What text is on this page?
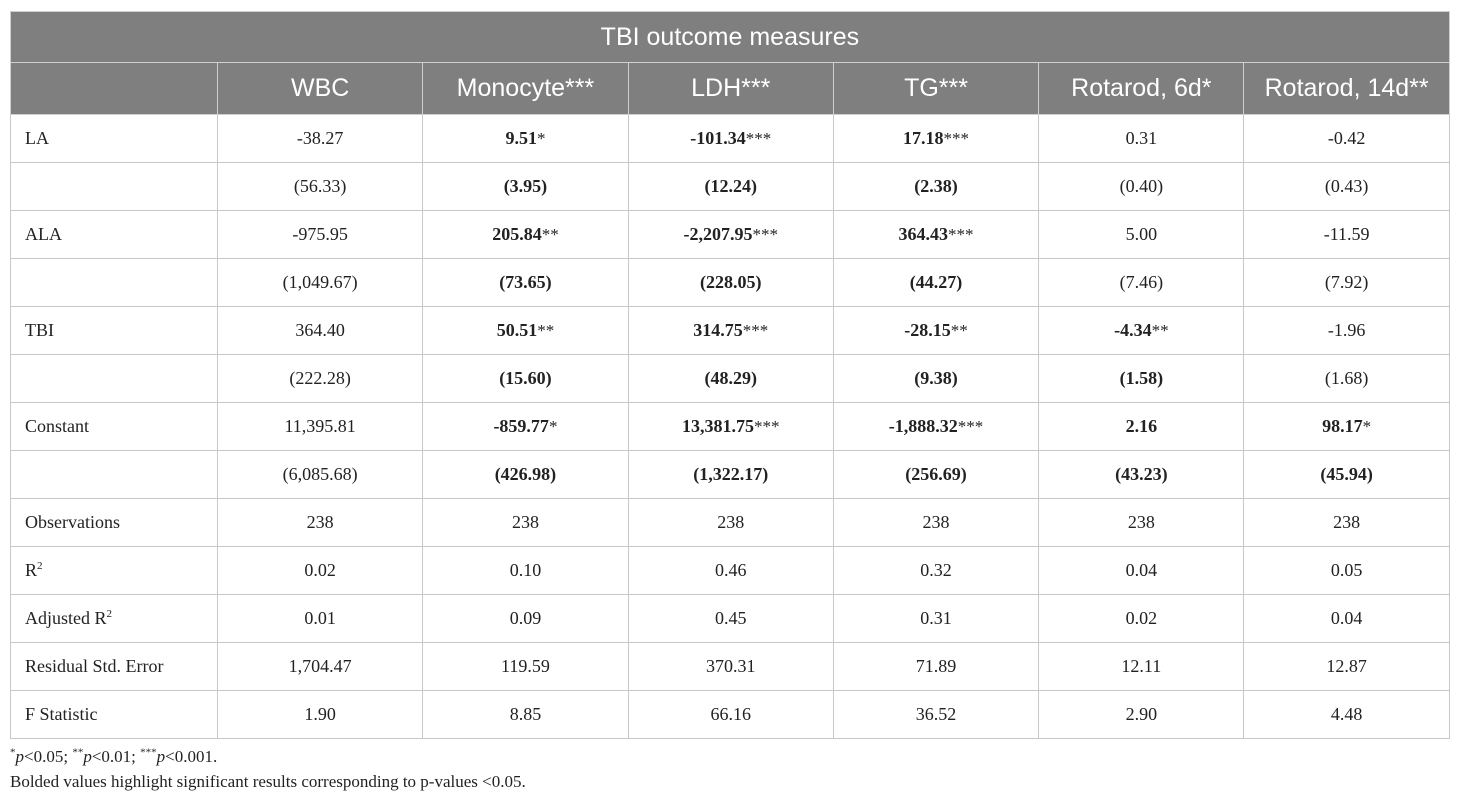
TBI outcome measures						
	WBC	Monocyte***	LDH***	TG***	Rotarod, 6d*	Rotarod, 14d**
LA	-38.27	9.51*	-101.34***	17.18***	0.31	-0.42
	(56.33)	(3.95)	(12.24)	(2.38)	(0.40)	(0.43)
ALA	-975.95	205.84**	-2,207.95***	364.43***	5.00	-11.59
	(1,049.67)	(73.65)	(228.05)	(44.27)	(7.46)	(7.92)
TBI	364.40	50.51**	314.75***	-28.15**	-4.34**	-1.96
	(222.28)	(15.60)	(48.29)	(9.38)	(1.58)	(1.68)
Constant	11,395.81	-859.77*	13,381.75***	-1,888.32***	2.16	98.17*
	(6,085.68)	(426.98)	(1,322.17)	(256.69)	(43.23)	(45.94)
Observations	238	238	238	238	238	238
$R^2$	0.02	0.10	0.46	0.32	0.04	0.05
Adjusted $R^2$	0.01	0.09	0.45	0.31	0.02	0.04
Residual Std. Error	1,704.47	119.59	370.31	71.89	12.11	12.87
F Statistic	1.90	8.85	66.16	36.52	2.90	4.48
*p<0.05; **p<0.01; ***p<0.001.
Bolded values highlight significant results corresponding to p-values <0.05.
